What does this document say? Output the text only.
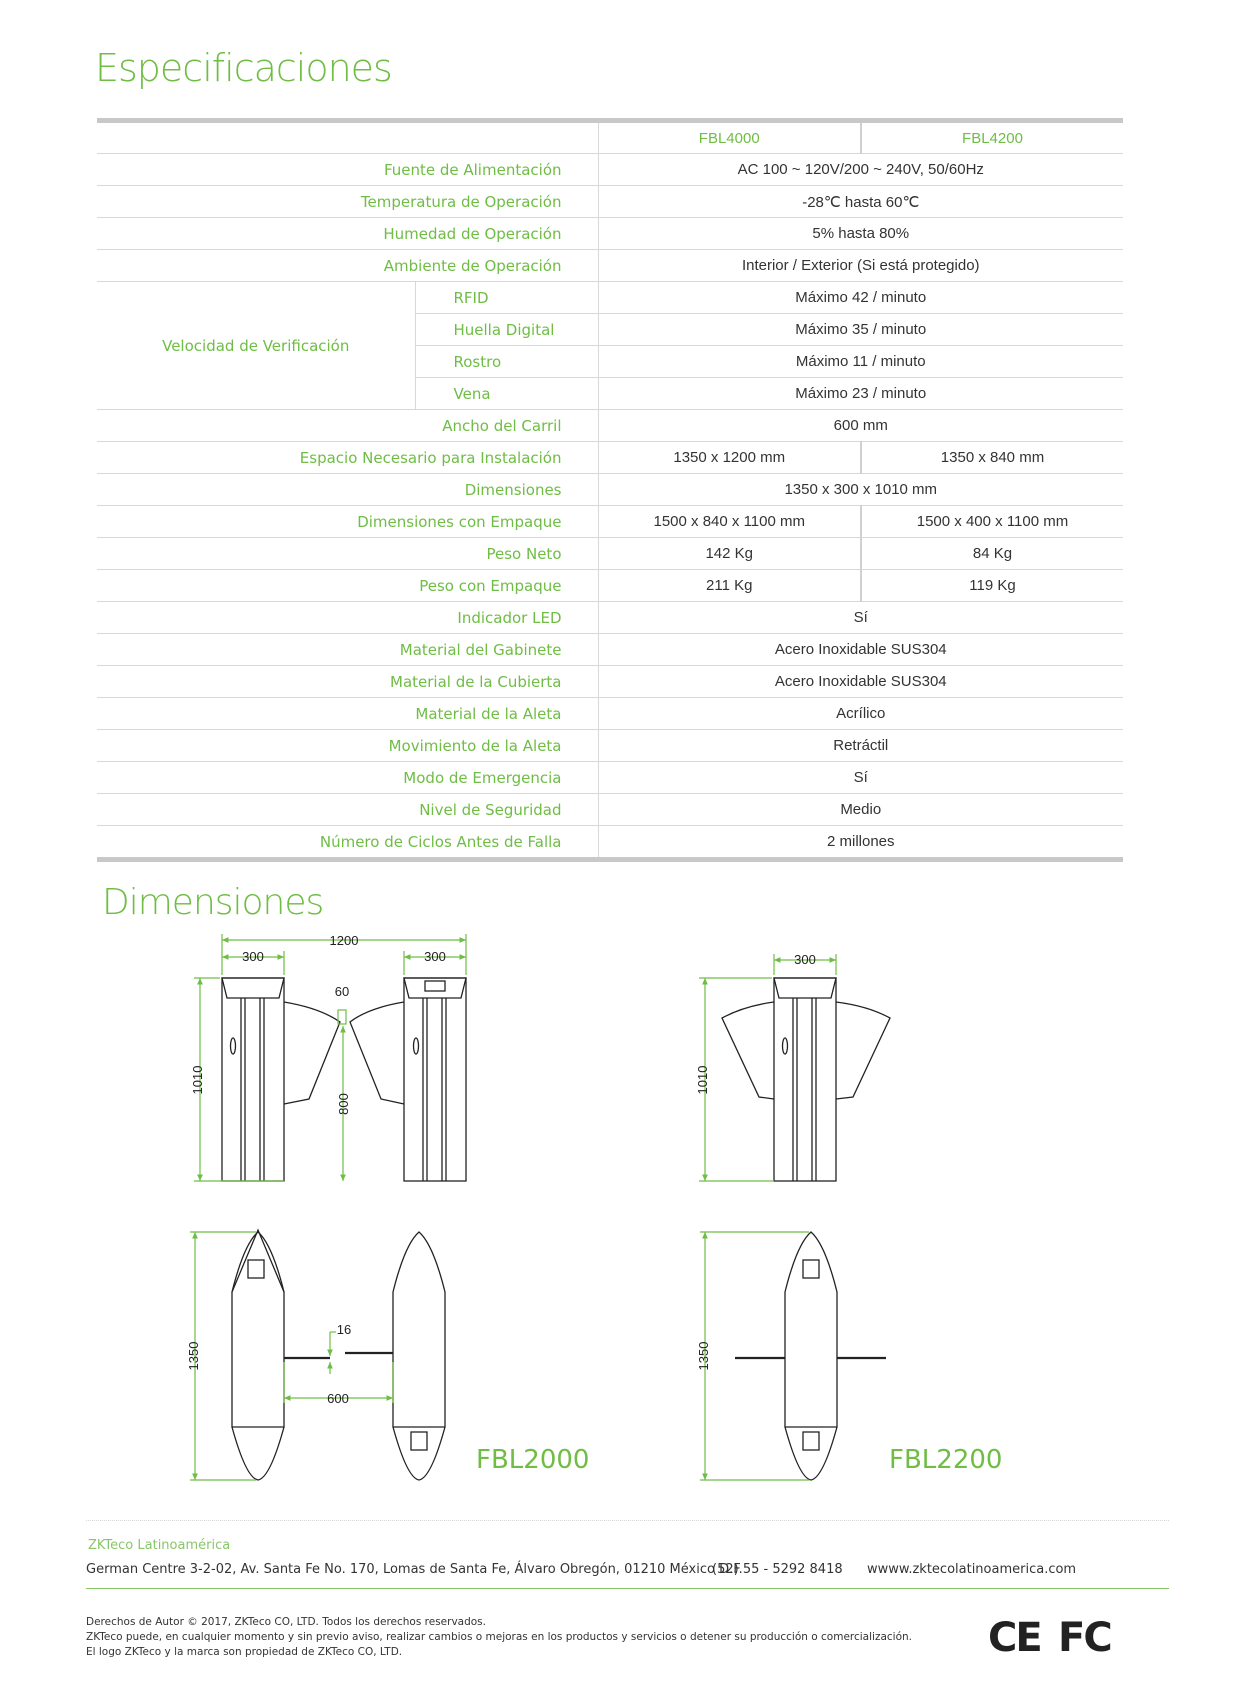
Especificaciones
		FBL4000	FBL4200
Fuente de Alimentación		AC 100 ~ 120V/200 ~ 240V, 50/60Hz	
Temperatura de Operación		-28℃ hasta 60℃	
Humedad de Operación		5% hasta 80%	
Ambiente de Operación		Interior / Exterior (Si está protegido)	
Velocidad de Verificación	RFID	Máximo 42 / minuto	
	Huella Digital	Máximo 35 / minuto	
	Rostro	Máximo 11 / minuto	
	Vena	Máximo 23 / minuto	
Ancho del Carril		600 mm	
Espacio Necesario para Instalación		1350 x 1200 mm	1350 x 840 mm
Dimensiones		1350 x 300 x 1010 mm	
Dimensiones con Empaque		1500 x 840 x 1100 mm	1500 x 400 x 1100 mm
Peso Neto		142 Kg	84 Kg
Peso con Empaque		211 Kg	119 Kg
Indicador LED		Sí	
Material del Gabinete		Acero Inoxidable SUS304	
Material de la Cubierta		Acero Inoxidable SUS304	
Material de la Aleta		Acrílico	
Movimiento de la Aleta		Retráctil	
Modo de Emergencia		Sí	
Nivel de Seguridad		Medio	
Número de Ciclos Antes de Falla		2 millones	
Dimensiones
1200
300	300
60
1010
800
300
1010
1350
16
600
FBL2000
1350
FBL2200
ZKTeco Latinoamérica
German Centre 3-2-02, Av. Santa Fe No. 170, Lomas de Santa Fe, Álvaro Obregón, 01210 México D.F.
(52) 55 - 5292 8418 wwww.zktecolatinoamerica.com
Derechos de Autor © 2017, ZKTeco CO, LTD. Todos los derechos reservados.
ZKTeco puede, en cualquier momento y sin previo aviso, realizar cambios o mejoras en los productos y servicios o detener su producción o comercialización.
El logo ZKTeco y la marca son propiedad de ZKTeco CO, LTD.	CE FC
